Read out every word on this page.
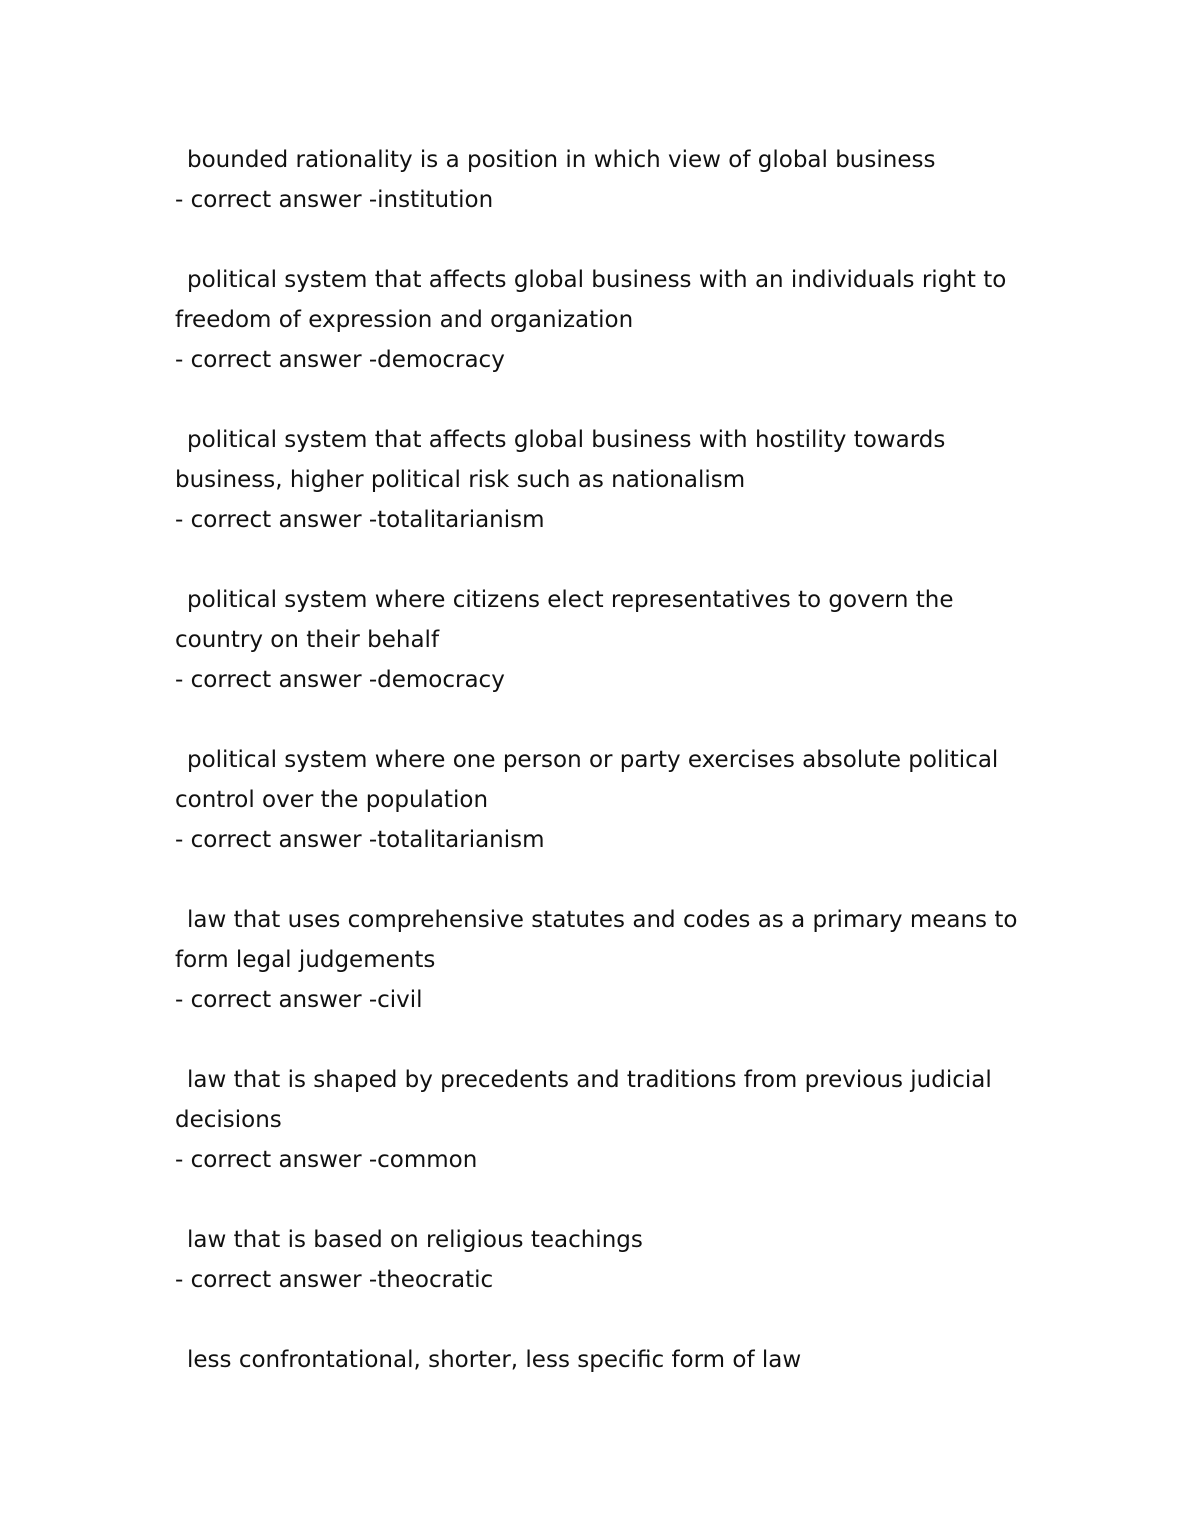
bounded rationality is a position in which view of global business
- correct answer -institution
political system that affects global business with an individuals right to freedom of expression and organization
- correct answer -democracy
political system that affects global business with hostility towards business, higher political risk such as nationalism
- correct answer -totalitarianism
political system where citizens elect representatives to govern the country on their behalf
- correct answer -democracy
political system where one person or party exercises absolute political control over the population
- correct answer -totalitarianism
law that uses comprehensive statutes and codes as a primary means to form legal judgements
- correct answer -civil
law that is shaped by precedents and traditions from previous judicial decisions
- correct answer -common
law that is based on religious teachings
- correct answer -theocratic
less confrontational, shorter, less specific form of law
